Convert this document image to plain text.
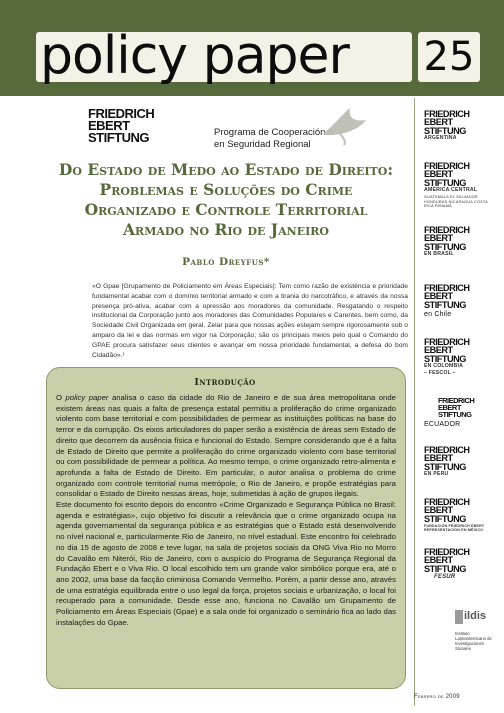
policy paper 25
FRIEDRICH
EBERT
STIFTUNG	Programa de Cooperación
en Seguridad Regional
FRIEDRICH
EBERT
STIFTUNG
ARGENTINA
FRIEDRICH
EBERT
STIFTUNG
AMÉRICA CENTRAL
GUATEMALA EL SALVADOR HONDURAS NICARAGUA COSTA RICA PANAMÁ
FRIEDRICH
EBERT
STIFTUNG
EN BRASIL
FRIEDRICH
EBERT
STIFTUNG
en Chile
FRIEDRICH
EBERT
STIFTUNG
EN COLOMBIA
– FESCOL –
FRIEDRICH
EBERT
STIFTUNG
ECUADOR
FRIEDRICH
EBERT
STIFTUNG
EN PERU
FRIEDRICH
EBERT
STIFTUNG
FUNDACIÓN FRIEDRICH EBERT REPRESENTACIÓN EN MÉXICO
FRIEDRICH
EBERT
STIFTUNG
FESUR
$^{ildis}$
Instituto Latinoamericano de Investigaciones Sociales
Do Estado de Medo ao Estado de Direito:
Problemas e Soluções do Crime
Organizado e Controle Territorial
Armado no Rio de Janeiro
Pablo Dreyfus*
«O Gpae [Grupamento de Policiamento em Áreas Especiais]: Tem como razão de existência e prioridade fundamental acabar com o domínio territorial armado e com a tirania do narcotráfico, e através da nossa presença pró-ativa, acabar com a opressão aos moradores da comunidade. Resgatando o respeito institucional da Corporação junto aos moradores das Comunidades Populares e Carentes, bem como, da Sociedade Civil Organizada em geral. Zelar para que nossas ações estejam sempre rigorosamente sob o amparo da lei e das normas em vigor na Corporação; são os principais meios pelo qual o Comando do GPAE procura satisfazer seus clientes e avançar em nossa prioridade fundamental, a defesa do bom Cidadão».¹
Introdução

O policy paper analisa o caso da cidade do Rio de Janeiro e de sua área metropolitana onde existem áreas nas quais a falta de presença estatal permitiu a proliferação do crime organizado violento com base territorial e com possibilidades de permear as instituições políticas na base do terror e da corrupção. Os eixos articuladores do paper serão a existência de áreas sem Estado de direito que decorrem da ausência física e funcional do Estado. Sempre considerando que é a falta de Estado de Direito que permite a proliferação do crime organizado violento com base territorial ou com possibilidade de permear a política. Ao mesmo tempo, o crime organizado retro-alimenta e aprofunda a falta de Estado de Direito. Em particular, o autor analisa o problema do crime organizado com controle territorial numa metrópole, o Rio de Janeiro, e propõe estratégias para consolidar o Estado de Direito nessas áreas, hoje, submetidas à ação de grupos ilegais.

Este documento foi escrito depois do encontro «Crime Organizado e Segurança Pública no Brasil: agenda e estratégias», cujo objetivo foi discutir a relevância que o crime organizado ocupa na agenda governamental da segurança pública e as estratégias que o Estado está desenvolvendo no nível nacional e, particularmente Rio de Janeiro, no nível estadual. Este encontro foi celebrado no dia 15 de agosto de 2008 e teve lugar, na sala de projetos sociais da ONG Viva Rio no Morro do Cavalão em Niterói, Rio de Janeiro, com o auspício do Programa de Segurança Regional da Fundação Ebert e o Viva Rio. O local escolhido tem um grande valor simbólico porque era, até o ano 2002, uma base da facção criminosa Comando Vermelho. Porém, a partir desse ano, através de uma estratégia equilibrada entre o uso legal da força, projetos sociais e urbanização, o local foi recuperado para a comunidade. Desde esse ano, funciona no Cavalão um Grupamento de Policiamento em Áreas Especiais (Gpae) e a sala onde foi organizado o seminário fica ao lado das instalações do Gpae.

Febrero de 2009
